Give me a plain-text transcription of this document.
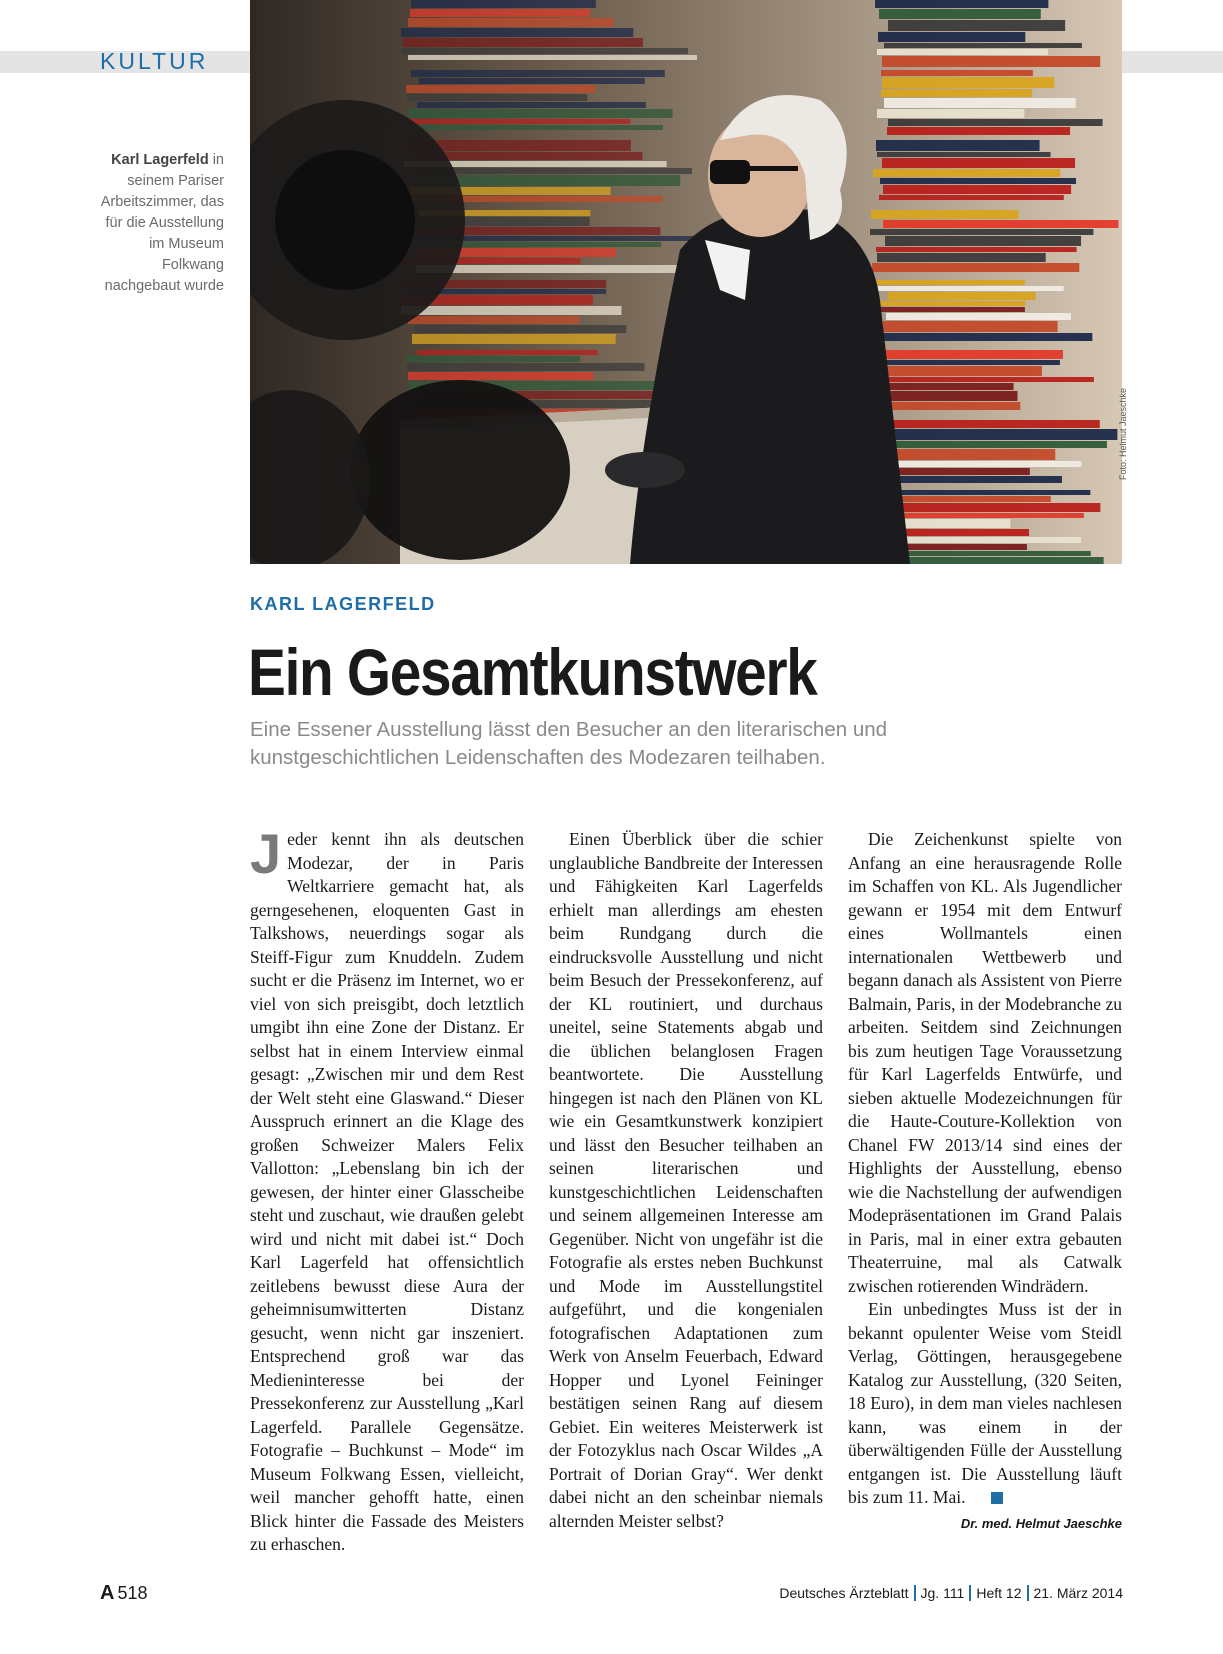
KULTUR
Karl Lagerfeld in seinem Pariser Arbeitszimmer, das für die Ausstellung im Museum Folkwang nachgebaut wurde
Foto: Helmut Jaeschke
KARL LAGERFELD
Ein Gesamtkunstwerk
Eine Essener Ausstellung lässt den Besucher an den literarischen und kunstgeschichtlichen Leidenschaften des Modezaren teilhaben.

Jeder kennt ihn als deutschen Modezar, der in Paris Weltkarriere gemacht hat, als gerngesehenen, eloquenten Gast in Talkshows, neuerdings sogar als Steiff-Figur zum Knuddeln. Zudem sucht er die Präsenz im Internet, wo er viel von sich preisgibt, doch letztlich umgibt ihn eine Zone der Distanz. Er selbst hat in einem Interview einmal gesagt: „Zwischen mir und dem Rest der Welt steht eine Glaswand.“ Dieser Ausspruch erinnert an die Klage des großen Schweizer Malers Felix Vallotton: „Lebenslang bin ich der gewesen, der hinter einer Glasscheibe steht und zuschaut, wie draußen gelebt wird und nicht mit dabei ist.“ Doch Karl Lagerfeld hat offensichtlich zeitlebens bewusst diese Aura der geheimnisumwitterten Distanz gesucht, wenn nicht gar inszeniert. Entsprechend groß war das Medieninteresse bei der Pressekonferenz zur Ausstellung „Karl Lagerfeld. Parallele Gegensätze. Fotografie – Buchkunst – Mode“ im Museum Folkwang Essen, vielleicht, weil mancher gehofft hatte, einen Blick hinter die Fassade des Meisters zu erhaschen.

Einen Überblick über die schier unglaubliche Bandbreite der Interessen und Fähigkeiten Karl Lagerfelds erhielt man allerdings am ehesten beim Rundgang durch die eindrucksvolle Ausstellung und nicht beim Besuch der Pressekonferenz, auf der KL routiniert, und durchaus uneitel, seine Statements abgab und die üblichen belanglosen Fragen beantwortete. Die Ausstellung hingegen ist nach den Plänen von KL wie ein Gesamtkunstwerk konzipiert und lässt den Besucher teilhaben an seinen literarischen und kunstgeschichtlichen Leidenschaften und seinem allgemeinen Interesse am Gegenüber. Nicht von ungefähr ist die Fotografie als erstes neben Buchkunst und Mode im Ausstellungstitel aufgeführt, und die kongenialen fotografischen Adaptationen zum Werk von Anselm Feuerbach, Edward Hopper und Lyonel Feininger bestätigen seinen Rang auf diesem Gebiet. Ein weiteres Meisterwerk ist der Fotozyklus nach Oscar Wildes „A Portrait of Dorian Gray“. Wer denkt dabei nicht an den scheinbar niemals alternden Meister selbst?

Die Zeichenkunst spielte von Anfang an eine herausragende Rolle im Schaffen von KL. Als Jugendlicher gewann er 1954 mit dem Entwurf eines Wollmantels einen internationalen Wettbewerb und begann danach als Assistent von Pierre Balmain, Paris, in der Modebranche zu arbeiten. Seitdem sind Zeichnungen bis zum heutigen Tage Voraussetzung für Karl Lagerfelds Entwürfe, und sieben aktuelle Modezeichnungen für die Haute-Couture-Kollektion von Chanel FW 2013/14 sind eines der Highlights der Ausstellung, ebenso wie die Nachstellung der aufwendigen Modepräsentationen im Grand Palais in Paris, mal in einer extra gebauten Theaterruine, mal als Catwalk zwischen rotierenden Windrädern.

Ein unbedingtes Muss ist der in bekannt opulenter Weise vom Steidl Verlag, Göttingen, herausgegebene Katalog zur Ausstellung, (320 Seiten, 18 Euro), in dem man vieles nachlesen kann, was einem in der überwältigenden Fülle der Ausstellung entgangen ist. Die Ausstellung läuft bis zum 11. Mai.

Dr. med. Helmut Jaeschke
A 518	Deutsches Ärzteblatt Jg. 111 Heft 12 21. März 2014
